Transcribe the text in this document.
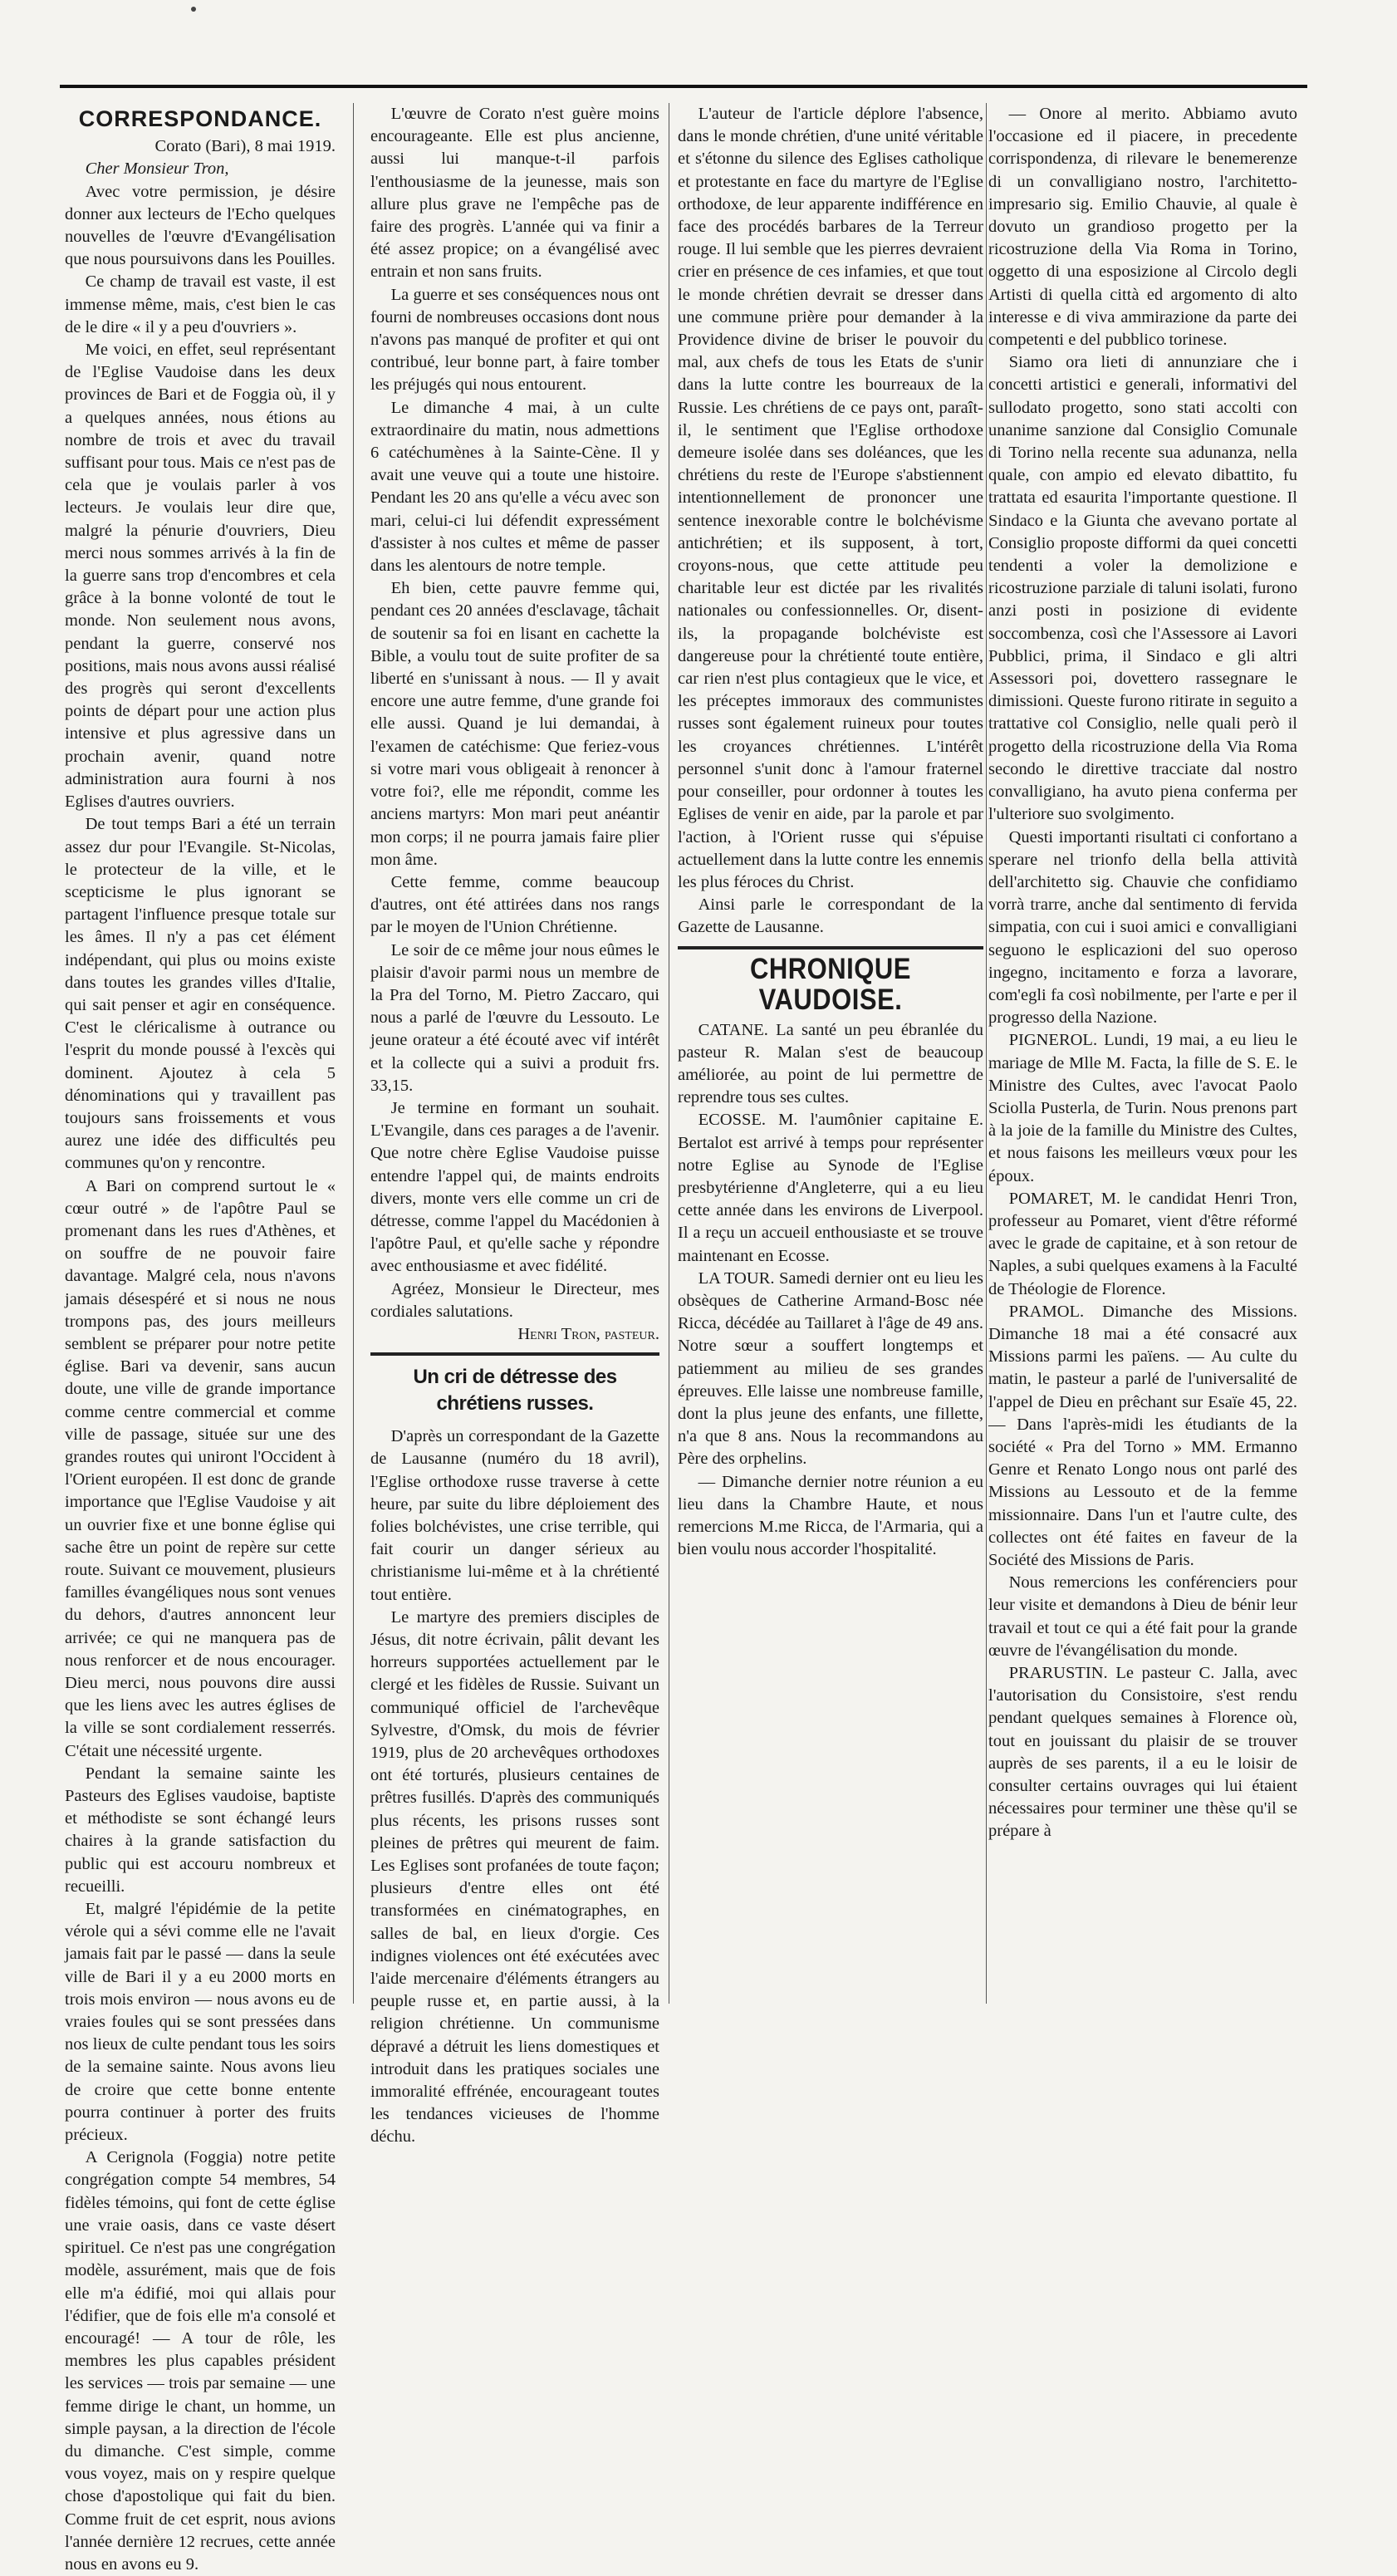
CORRESPONDANCE.

Corato (Bari), 8 mai 1919.

Cher Monsieur Tron,

Avec votre permission, je désire donner aux lecteurs de l'Echo quelques nouvelles de l'œuvre d'Evangélisation que nous poursuivons dans les Pouilles.

Ce champ de travail est vaste, il est immense même, mais, c'est bien le cas de le dire « il y a peu d'ouvriers ».

Me voici, en effet, seul représentant de l'Eglise Vaudoise dans les deux provinces de Bari et de Foggia où, il y a quelques années, nous étions au nombre de trois et avec du travail suffisant pour tous. Mais ce n'est pas de cela que je voulais parler à vos lecteurs. Je voulais leur dire que, malgré la pénurie d'ouvriers, Dieu merci nous sommes arrivés à la fin de la guerre sans trop d'encombres et cela grâce à la bonne volonté de tout le monde. Non seulement nous avons, pendant la guerre, conservé nos positions, mais nous avons aussi réalisé des progrès qui seront d'excellents points de départ pour une action plus intensive et plus agressive dans un prochain avenir, quand notre administration aura fourni à nos Eglises d'autres ouvriers.

De tout temps Bari a été un terrain assez dur pour l'Evangile. St-Nicolas, le protecteur de la ville, et le scepticisme le plus ignorant se partagent l'influence presque totale sur les âmes. Il n'y a pas cet élément indépendant, qui plus ou moins existe dans toutes les grandes villes d'Italie, qui sait penser et agir en conséquence. C'est le cléricalisme à outrance ou l'esprit du monde poussé à l'excès qui dominent. Ajoutez à cela 5 dénominations qui y travaillent pas toujours sans froissements et vous aurez une idée des difficultés peu communes qu'on y rencontre.

A Bari on comprend surtout le « cœur outré » de l'apôtre Paul se promenant dans les rues d'Athènes, et on souffre de ne pouvoir faire davantage. Malgré cela, nous n'avons jamais désespéré et si nous ne nous trompons pas, des jours meilleurs semblent se préparer pour notre petite église. Bari va devenir, sans aucun doute, une ville de grande importance comme centre commercial et comme ville de passage, située sur une des grandes routes qui uniront l'Occident à l'Orient européen. Il est donc de grande importance que l'Eglise Vaudoise y ait un ouvrier fixe et une bonne église qui sache être un point de repère sur cette route. Suivant ce mouvement, plusieurs familles évangéliques nous sont venues du dehors, d'autres annoncent leur arrivée; ce qui ne manquera pas de nous renforcer et de nous encourager. Dieu merci, nous pouvons dire aussi que les liens avec les autres églises de la ville se sont cordialement resserrés. C'était une nécessité urgente.

Pendant la semaine sainte les Pasteurs des Eglises vaudoise, baptiste et méthodiste se sont échangé leurs chaires à la grande satisfaction du public qui est accouru nombreux et recueilli.

Et, malgré l'épidémie de la petite vérole qui a sévi comme elle ne l'avait jamais fait par le passé — dans la seule ville de Bari il y a eu 2000 morts en trois mois environ — nous avons eu de vraies foules qui se sont pressées dans nos lieux de culte pendant tous les soirs de la semaine sainte. Nous avons lieu de croire que cette bonne entente pourra continuer à porter des fruits précieux.

A Cerignola (Foggia) notre petite congrégation compte 54 membres, 54 fidèles témoins, qui font de cette église une vraie oasis, dans ce vaste désert spirituel. Ce n'est pas une congrégation modèle, assurément, mais que de fois elle m'a édifié, moi qui allais pour l'édifier, que de fois elle m'a consolé et encouragé! — A tour de rôle, les membres les plus capables président les services — trois par semaine — une femme dirige le chant, un homme, un simple paysan, a la direction de l'école du dimanche. C'est simple, comme vous voyez, mais on y respire quelque chose d'apostolique qui fait du bien. Comme fruit de cet esprit, nous avions l'année dernière 12 recrues, cette année nous en avons eu 9.

L'œuvre de Corato n'est guère moins encourageante. Elle est plus ancienne, aussi lui manque-t-il parfois l'enthousiasme de la jeunesse, mais son allure plus grave ne l'empêche pas de faire des progrès. L'année qui va finir a été assez propice; on a évangélisé avec entrain et non sans fruits.

La guerre et ses conséquences nous ont fourni de nombreuses occasions dont nous n'avons pas manqué de profiter et qui ont contribué, leur bonne part, à faire tomber les préjugés qui nous entourent.

Le dimanche 4 mai, à un culte extraordinaire du matin, nous admettions 6 catéchumènes à la Sainte-Cène. Il y avait une veuve qui a toute une histoire. Pendant les 20 ans qu'elle a vécu avec son mari, celui-ci lui défendit expressément d'assister à nos cultes et même de passer dans les alentours de notre temple.

Eh bien, cette pauvre femme qui, pendant ces 20 années d'esclavage, tâchait de soutenir sa foi en lisant en cachette la Bible, a voulu tout de suite profiter de sa liberté en s'unissant à nous. — Il y avait encore une autre femme, d'une grande foi elle aussi. Quand je lui demandai, à l'examen de catéchisme: Que feriez-vous si votre mari vous obligeait à renoncer à votre foi?, elle me répondit, comme les anciens martyrs: Mon mari peut anéantir mon corps; il ne pourra jamais faire plier mon âme.

Cette femme, comme beaucoup d'autres, ont été attirées dans nos rangs par le moyen de l'Union Chrétienne.

Le soir de ce même jour nous eûmes le plaisir d'avoir parmi nous un membre de la Pra del Torno, M. Pietro Zaccaro, qui nous a parlé de l'œuvre du Lessouto. Le jeune orateur a été écouté avec vif intérêt et la collecte qui a suivi a produit frs. 33,15.

Je termine en formant un souhait. L'Evangile, dans ces parages a de l'avenir. Que notre chère Eglise Vaudoise puisse entendre l'appel qui, de maints endroits divers, monte vers elle comme un cri de détresse, comme l'appel du Macédonien à l'apôtre Paul, et qu'elle sache y répondre avec enthousiasme et avec fidélité.

Agréez, Monsieur le Directeur, mes cordiales salutations.

Henri Tron, pasteur.

Un cri de détresse des chrétiens russes.

D'après un correspondant de la Gazette de Lausanne (numéro du 18 avril), l'Eglise orthodoxe russe traverse à cette heure, par suite du libre déploiement des folies bolchévistes, une crise terrible, qui fait courir un danger sérieux au christianisme lui-même et à la chrétienté tout entière.

Le martyre des premiers disciples de Jésus, dit notre écrivain, pâlit devant les horreurs supportées actuellement par le clergé et les fidèles de Russie. Suivant un communiqué officiel de l'archevêque Sylvestre, d'Omsk, du mois de février 1919, plus de 20 archevêques orthodoxes ont été torturés, plusieurs centaines de prêtres fusillés. D'après des communiqués plus récents, les prisons russes sont pleines de prêtres qui meurent de faim. Les Eglises sont profanées de toute façon; plusieurs d'entre elles ont été transformées en cinématographes, en salles de bal, en lieux d'orgie. Ces indignes violences ont été exécutées avec l'aide mercenaire d'éléments étrangers au peuple russe et, en partie aussi, à la religion chrétienne. Un communisme dépravé a détruit les liens domestiques et introduit dans les pratiques sociales une immoralité effrénée, encourageant toutes les tendances vicieuses de l'homme déchu.

L'auteur de l'article déplore l'absence, dans le monde chrétien, d'une unité véritable et s'étonne du silence des Eglises catholique et protestante en face du martyre de l'Eglise orthodoxe, de leur apparente indifférence en face des procédés barbares de la Terreur rouge. Il lui semble que les pierres devraient crier en présence de ces infamies, et que tout le monde chrétien devrait se dresser dans une commune prière pour demander à la Providence divine de briser le pouvoir du mal, aux chefs de tous les Etats de s'unir dans la lutte contre les bourreaux de la Russie. Les chrétiens de ce pays ont, paraît-il, le sentiment que l'Eglise orthodoxe demeure isolée dans ses doléances, que les chrétiens du reste de l'Europe s'abstiennent intentionnellement de prononcer une sentence inexorable contre le bolchévisme antichrétien; et ils supposent, à tort, croyons-nous, que cette attitude peu charitable leur est dictée par les rivalités nationales ou confessionnelles. Or, disent-ils, la propagande bolchéviste est dangereuse pour la chrétienté toute entière, car rien n'est plus contagieux que le vice, et les préceptes immoraux des communistes russes sont également ruineux pour toutes les croyances chrétiennes. L'intérêt personnel s'unit donc à l'amour fraternel pour conseiller, pour ordonner à toutes les Eglises de venir en aide, par la parole et par l'action, à l'Orient russe qui s'épuise actuellement dans la lutte contre les ennemis les plus féroces du Christ.

Ainsi parle le correspondant de la Gazette de Lausanne.

CHRONIQUE VAUDOISE.

CATANE. La santé un peu ébranlée du pasteur R. Malan s'est de beaucoup améliorée, au point de lui permettre de reprendre tous ses cultes.

ECOSSE. M. l'aumônier capitaine E. Bertalot est arrivé à temps pour représenter notre Eglise au Synode de l'Eglise presbytérienne d'Angleterre, qui a eu lieu cette année dans les environs de Liverpool. Il a reçu un accueil enthousiaste et se trouve maintenant en Ecosse.

LA TOUR. Samedi dernier ont eu lieu les obsèques de Catherine Armand-Bosc née Ricca, décédée au Taillaret à l'âge de 49 ans. Notre sœur a souffert longtemps et patiemment au milieu de ses grandes épreuves. Elle laisse une nombreuse famille, dont la plus jeune des enfants, une fillette, n'a que 8 ans. Nous la recommandons au Père des orphelins.

— Dimanche dernier notre réunion a eu lieu dans la Chambre Haute, et nous remercions M.me Ricca, de l'Armaria, qui a bien voulu nous accorder l'hospitalité.

— Onore al merito. Abbiamo avuto l'occasione ed il piacere, in precedente corrispondenza, di rilevare le benemerenze di un convalligiano nostro, l'architetto-impresario sig. Emilio Chauvie, al quale è dovuto un grandioso progetto per la ricostruzione della Via Roma in Torino, oggetto di una esposizione al Circolo degli Artisti di quella città ed argomento di alto interesse e di viva ammirazione da parte dei competenti e del pubblico torinese.

Siamo ora lieti di annunziare che i concetti artistici e generali, informativi del sullodato progetto, sono stati accolti con unanime sanzione dal Consiglio Comunale di Torino nella recente sua adunanza, nella quale, con ampio ed elevato dibattito, fu trattata ed esaurita l'importante questione. Il Sindaco e la Giunta che avevano portate al Consiglio proposte difformi da quei concetti tendenti a voler la demolizione e ricostruzione parziale di taluni isolati, furono anzi posti in posizione di evidente soccombenza, così che l'Assessore ai Lavori Pubblici, prima, il Sindaco e gli altri Assessori poi, dovettero rassegnare le dimissioni. Queste furono ritirate in seguito a trattative col Consiglio, nelle quali però il progetto della ricostruzione della Via Roma secondo le direttive tracciate dal nostro convalligiano, ha avuto piena conferma per l'ulteriore suo svolgimento.

Questi importanti risultati ci confortano a sperare nel trionfo della bella attività dell'architetto sig. Chauvie che confidiamo vorrà trarre, anche dal sentimento di fervida simpatia, con cui i suoi amici e convalligiani seguono le esplicazioni del suo operoso ingegno, incitamento e forza a lavorare, com'egli fa così nobilmente, per l'arte e per il progresso della Nazione.

PIGNEROL. Lundi, 19 mai, a eu lieu le mariage de Mlle M. Facta, la fille de S. E. le Ministre des Cultes, avec l'avocat Paolo Sciolla Pusterla, de Turin. Nous prenons part à la joie de la famille du Ministre des Cultes, et nous faisons les meilleurs vœux pour les époux.

POMARET, M. le candidat Henri Tron, professeur au Pomaret, vient d'être réformé avec le grade de capitaine, et à son retour de Naples, a subi quelques examens à la Faculté de Théologie de Florence.

PRAMOL. Dimanche des Missions. Dimanche 18 mai a été consacré aux Missions parmi les païens. — Au culte du matin, le pasteur a parlé de l'universalité de l'appel de Dieu en prêchant sur Esaïe 45, 22. — Dans l'après-midi les étudiants de la société « Pra del Torno » MM. Ermanno Genre et Renato Longo nous ont parlé des Missions au Lessouto et de la femme missionnaire. Dans l'un et l'autre culte, des collectes ont été faites en faveur de la Société des Missions de Paris.

Nous remercions les conférenciers pour leur visite et demandons à Dieu de bénir leur travail et tout ce qui a été fait pour la grande œuvre de l'évangélisation du monde.

PRARUSTIN. Le pasteur C. Jalla, avec l'autorisation du Consistoire, s'est rendu pendant quelques semaines à Florence où, tout en jouissant du plaisir de se trouver auprès de ses parents, il a eu le loisir de consulter certains ouvrages qui lui étaient nécessaires pour terminer une thèse qu'il se prépare à
